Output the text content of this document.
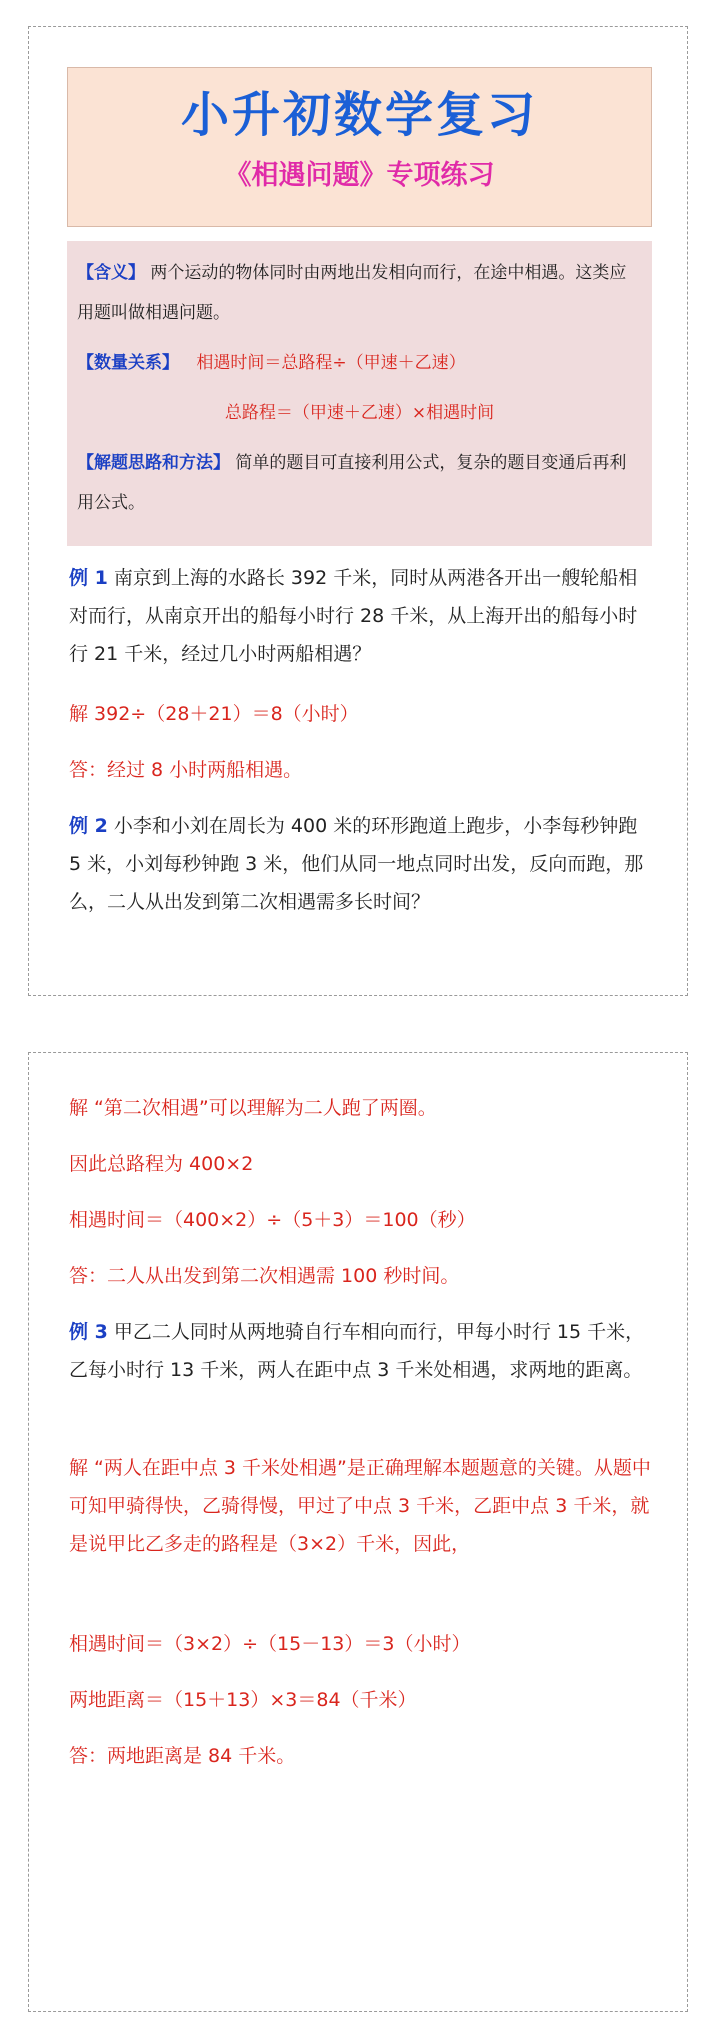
小升初数学复习
《相遇问题》专项练习
【含义】 两个运动的物体同时由两地出发相向而行，在途中相遇。这类应用题叫做相遇问题。
【数量关系】 相遇时间＝总路程÷（甲速＋乙速）
总路程＝（甲速＋乙速）×相遇时间
【解题思路和方法】 简单的题目可直接利用公式，复杂的题目变通后再利用公式。
例 1 南京到上海的水路长 392 千米，同时从两港各开出一艘轮船相对而行，从南京开出的船每小时行 28 千米，从上海开出的船每小时行 21 千米，经过几小时两船相遇？
解 392÷（28＋21）＝8（小时）
答：经过 8 小时两船相遇。
例 2 小李和小刘在周长为 400 米的环形跑道上跑步，小李每秒钟跑 5 米，小刘每秒钟跑 3 米，他们从同一地点同时出发，反向而跑，那么，二人从出发到第二次相遇需多长时间？
解 “第二次相遇”可以理解为二人跑了两圈。
因此总路程为 400×2
相遇时间＝（400×2）÷（5＋3）＝100（秒）
答：二人从出发到第二次相遇需 100 秒时间。
例 3 甲乙二人同时从两地骑自行车相向而行，甲每小时行 15 千米，乙每小时行 13 千米，两人在距中点 3 千米处相遇，求两地的距离。
解 “两人在距中点 3 千米处相遇”是正确理解本题题意的关键。从题中可知甲骑得快，乙骑得慢，甲过了中点 3 千米，乙距中点 3 千米，就是说甲比乙多走的路程是（3×2）千米，因此，
相遇时间＝（3×2）÷（15－13）＝3（小时）
两地距离＝（15＋13）×3＝84（千米）
答：两地距离是 84 千米。
